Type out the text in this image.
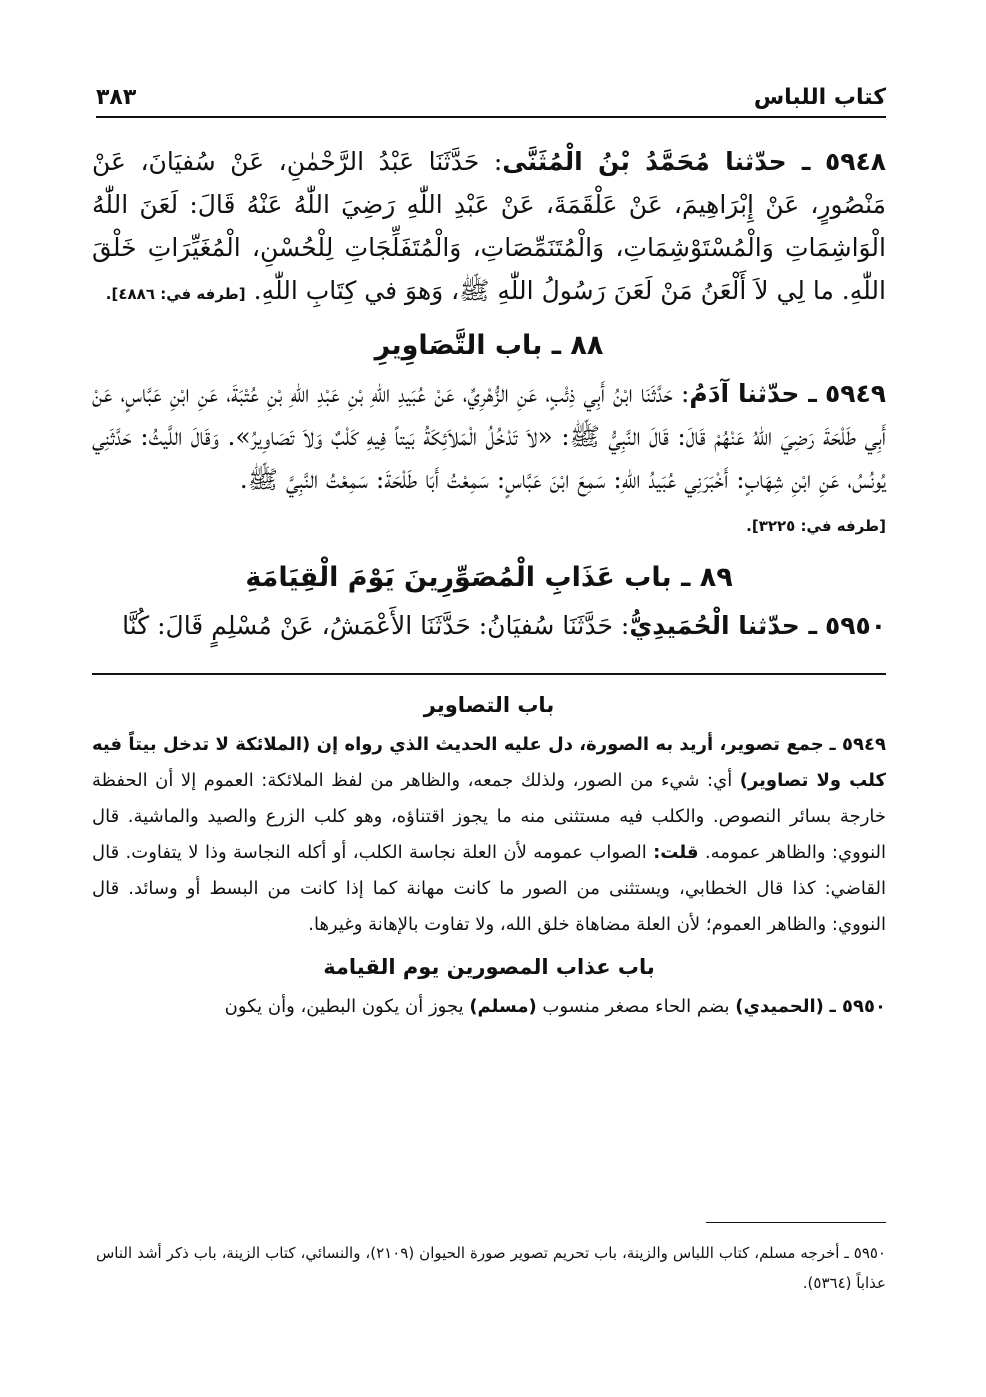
كتاب اللباس
٣٨٣

٥٩٤٨ ـ حدّثنا مُحَمَّدُ بْنُ الْمُثَنَّى: حَدَّثَنَا عَبْدُ الرَّحْمٰنِ، عَنْ سُفيَانَ، عَنْ مَنْصُورٍ، عَنْ إِبْرَاهِيمَ، عَنْ عَلْقَمَةَ، عَنْ عَبْدِ اللّٰهِ رَضِيَ اللّٰهُ عَنْهُ قَالَ: لَعَنَ اللّٰهُ الْوَاشِمَاتِ وَالْمُسْتَوْشِمَاتِ، وَالْمُتَنَمِّصَاتِ، وَالْمُتَفَلِّجَاتِ لِلْحُسْنِ، الْمُغَيِّرَاتِ خَلْقَ اللّٰهِ. ما لِي لاَ أَلْعَنُ مَنْ لَعَنَ رَسُولُ اللّٰهِ ﷺ، وَهوَ في كِتَابِ اللّٰهِ. [طرفه في: ٤٨٨٦].

٨٨ ـ باب التَّصَاوِيرِ

٥٩٤٩ ـ حدّثنا آدَمُ: حَدَّثَنَا ابْنُ أَبِي ذِئْبٍ، عَنِ الزُّهْرِيِّ، عَنْ عُبَيدِ اللّٰهِ بْنِ عَبْدِ اللّٰهِ بْنِ عُتْبَةَ، عَنِ ابْنِ عَبَّاسٍ، عَنْ أَبِي طَلْحَةَ رَضِيَ اللّٰهُ عَنْهُمْ قَالَ: قَالَ النَّبِيُّ ﷺ: «لاَ تَدْخُلُ الْمَلاَئِكَةُ بَيتاً فِيهِ كَلْبٌ وَلاَ تَصَاوِيرُ». وَقَالَ اللَّيثُ: حَدَّثَنِي يُونُسُ، عَنِ ابْنِ شِهَابٍ: أَخْبَرَنِي عُبَيدُ اللّٰهِ: سَمِعَ ابْنَ عَبَّاسٍ: سَمِعْتُ أَبَا طَلْحَةَ: سَمِعْتُ النَّبِيَّ ﷺ.
[طرفه في: ٣٢٢٥].

٨٩ ـ باب عَذَابِ الْمُصَوِّرِينَ يَوْمَ الْقِيَامَةِ

٥٩٥٠ ـ حدّثنا الْحُمَيدِيُّ: حَدَّثَنَا سُفيَانُ: حَدَّثَنَا الأَعْمَشُ، عَنْ مُسْلِمٍ قَالَ: كُنَّا

باب التصاوير

٥٩٤٩ ـ جمع تصوير، أريد به الصورة، دل عليه الحديث الذي رواه إن (الملائكة لا تدخل بيتاً فيه كلب ولا تصاوير) أي: شيء من الصور، ولذلك جمعه، والظاهر من لفظ الملائكة: العموم إلا أن الحفظة خارجة بسائر النصوص. والكلب فيه مستثنى منه ما يجوز اقتناؤه، وهو كلب الزرع والصيد والماشية. قال النووي: والظاهر عمومه. قلت: الصواب عمومه لأن العلة نجاسة الكلب، أو أكله النجاسة وذا لا يتفاوت. قال القاضي: كذا قال الخطابي، ويستثنى من الصور ما كانت مهانة كما إذا كانت من البسط أو وسائد. قال النووي: والظاهر العموم؛ لأن العلة مضاهاة خلق الله، ولا تفاوت بالإهانة وغيرها.

باب عذاب المصورين يوم القيامة

٥٩٥٠ ـ (الحميدي) بضم الحاء مصغر منسوب (مسلم) يجوز أن يكون البطين، وأن يكون

٥٩٥٠ ـ أخرجه مسلم، كتاب اللباس والزينة، باب تحريم تصوير صورة الحيوان (٢١٠٩)، والنسائي، كتاب الزينة، باب ذكر أشد الناس عذاباً (٥٣٦٤).
